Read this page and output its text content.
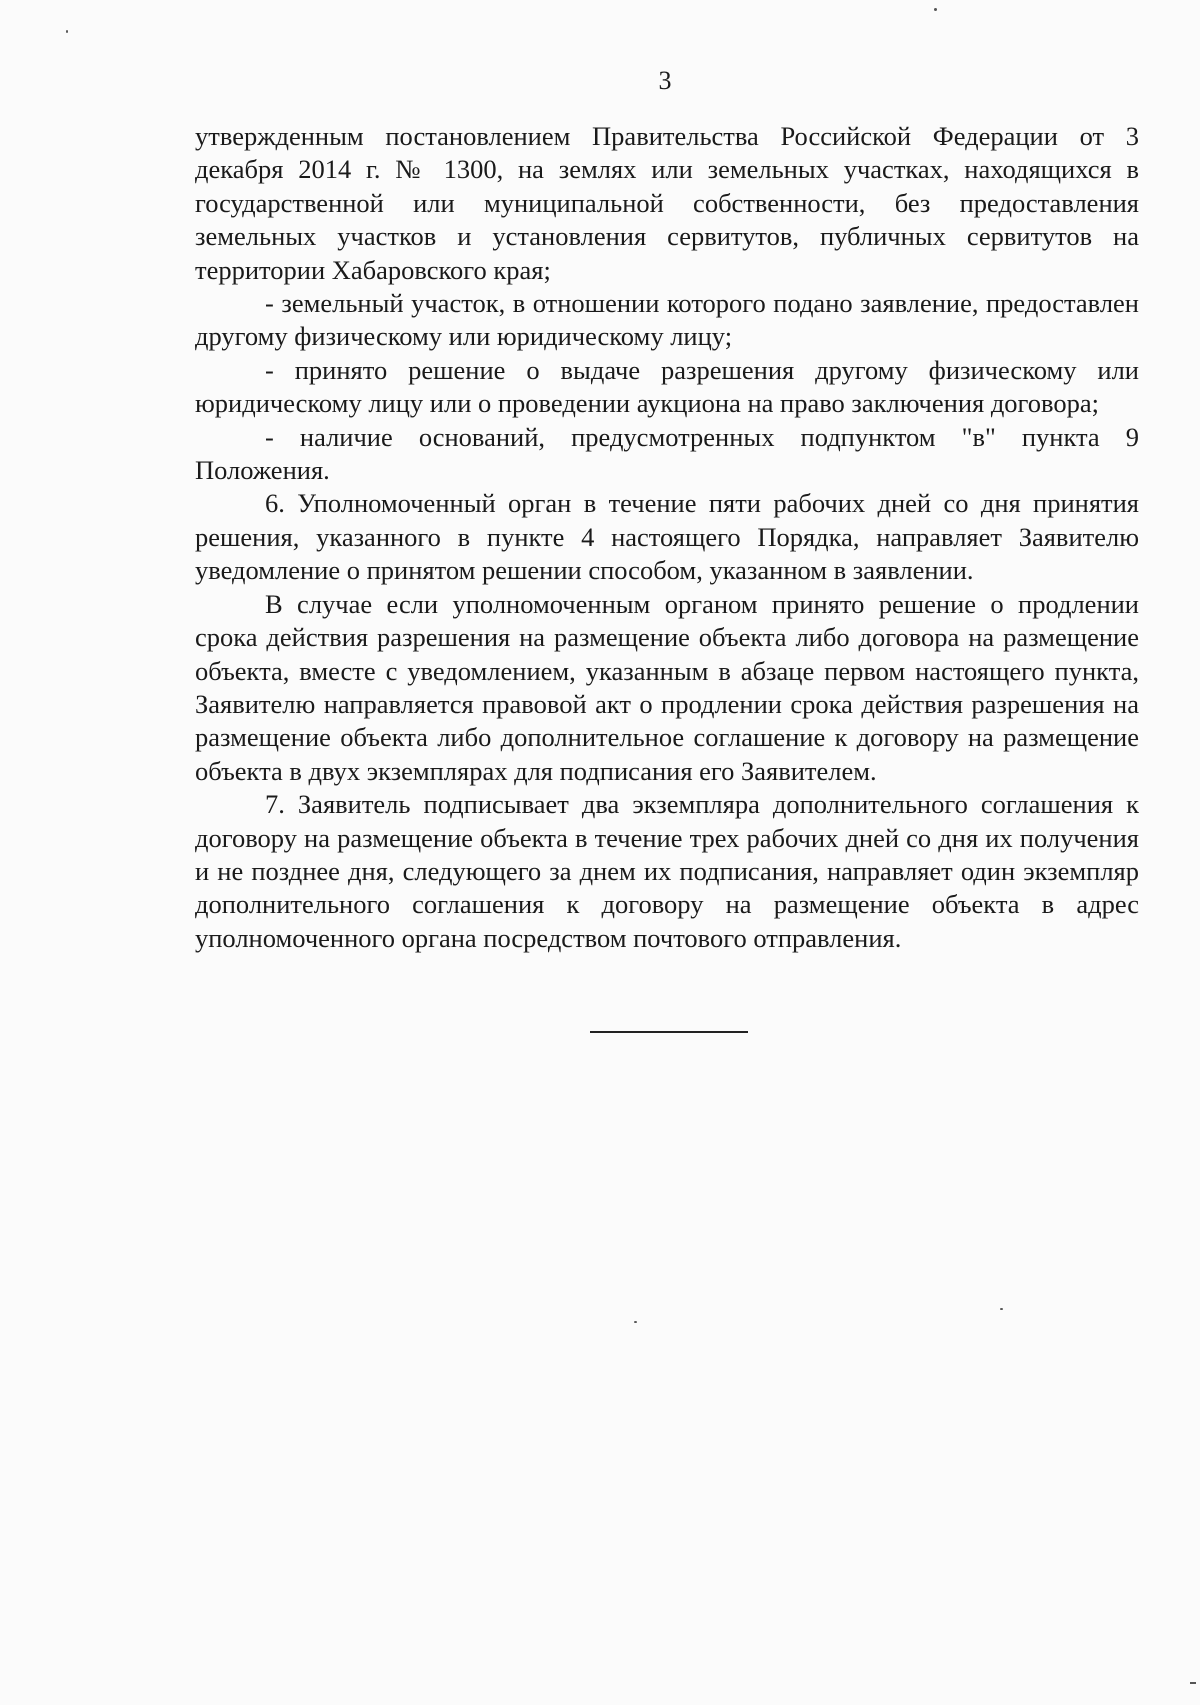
3

утвержденным постановлением Правительства Российской Федерации от 3 декабря 2014 г. № 1300, на землях или земельных участках, находящихся в государственной или муниципальной собственности, без предоставления земельных участков и установления сервитутов, публичных сервитутов на территории Хабаровского края;

- земельный участок, в отношении которого подано заявление, предоставлен другому физическому или юридическому лицу;

- принято решение о выдаче разрешения другому физическому или юридическому лицу или о проведении аукциона на право заключения договора;

- наличие оснований, предусмотренных подпунктом "в" пункта 9 Положения.

6. Уполномоченный орган в течение пяти рабочих дней со дня принятия решения, указанного в пункте 4 настоящего Порядка, направляет Заявителю уведомление о принятом решении способом, указанном в заявлении.

В случае если уполномоченным органом принято решение о продлении срока действия разрешения на размещение объекта либо договора на размещение объекта, вместе с уведомлением, указанным в абзаце первом настоящего пункта, Заявителю направляется правовой акт о продлении срока действия разрешения на размещение объекта либо дополнительное соглашение к договору на размещение объекта в двух экземплярах для подписания его Заявителем.

7. Заявитель подписывает два экземпляра дополнительного соглашения к договору на размещение объекта в течение трех рабочих дней со дня их получения и не позднее дня, следующего за днем их подписания, направляет один экземпляр дополнительного соглашения к договору на размещение объекта в адрес уполномоченного органа посредством почтового отправления.
